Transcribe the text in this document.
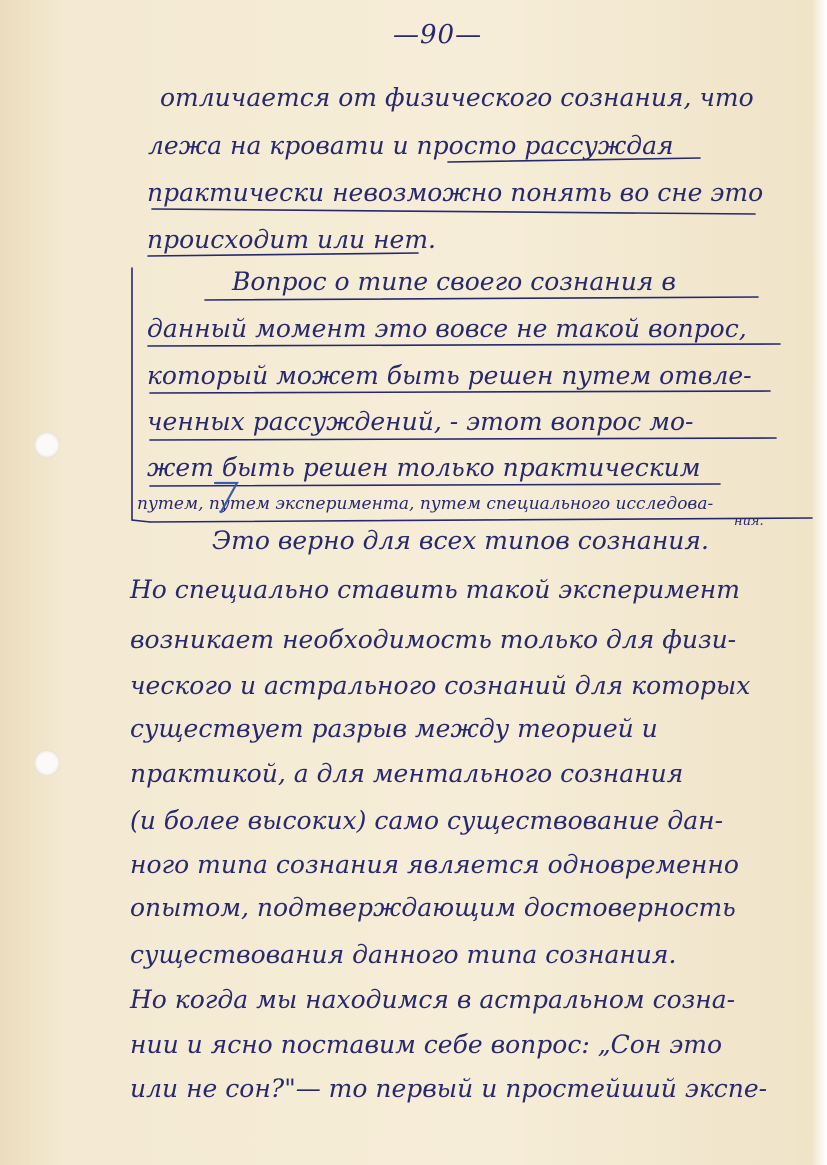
—90—
отличается от физического сознания, что
лежа на кровати и просто рассуждая
практически невозможно понять во сне это
происходит или нет.
Вопрос о типе своего сознания в
данный момент это вовсе не такой вопрос,
который может быть решен путем отвле-
ченных рассуждений, - этот вопрос мо-
жет быть решен только практическим
путем, путем эксперимента, путем специального исследова-
ния.
Это верно для всех типов сознания.
Но специально ставить такой эксперимент
возникает необходимость только для физи-
ческого и астрального сознаний для которых
существует разрыв между теорией и
практикой, а для ментального сознания
(и более высоких) само существование дан-
ного типа сознания является одновременно
опытом, подтверждающим достоверность
существования данного типа сознания.
Но когда мы находимся в астральном созна-
нии и ясно поставим себе вопрос: „Сон это
или не сон?"— то первый и простейший экспе-
